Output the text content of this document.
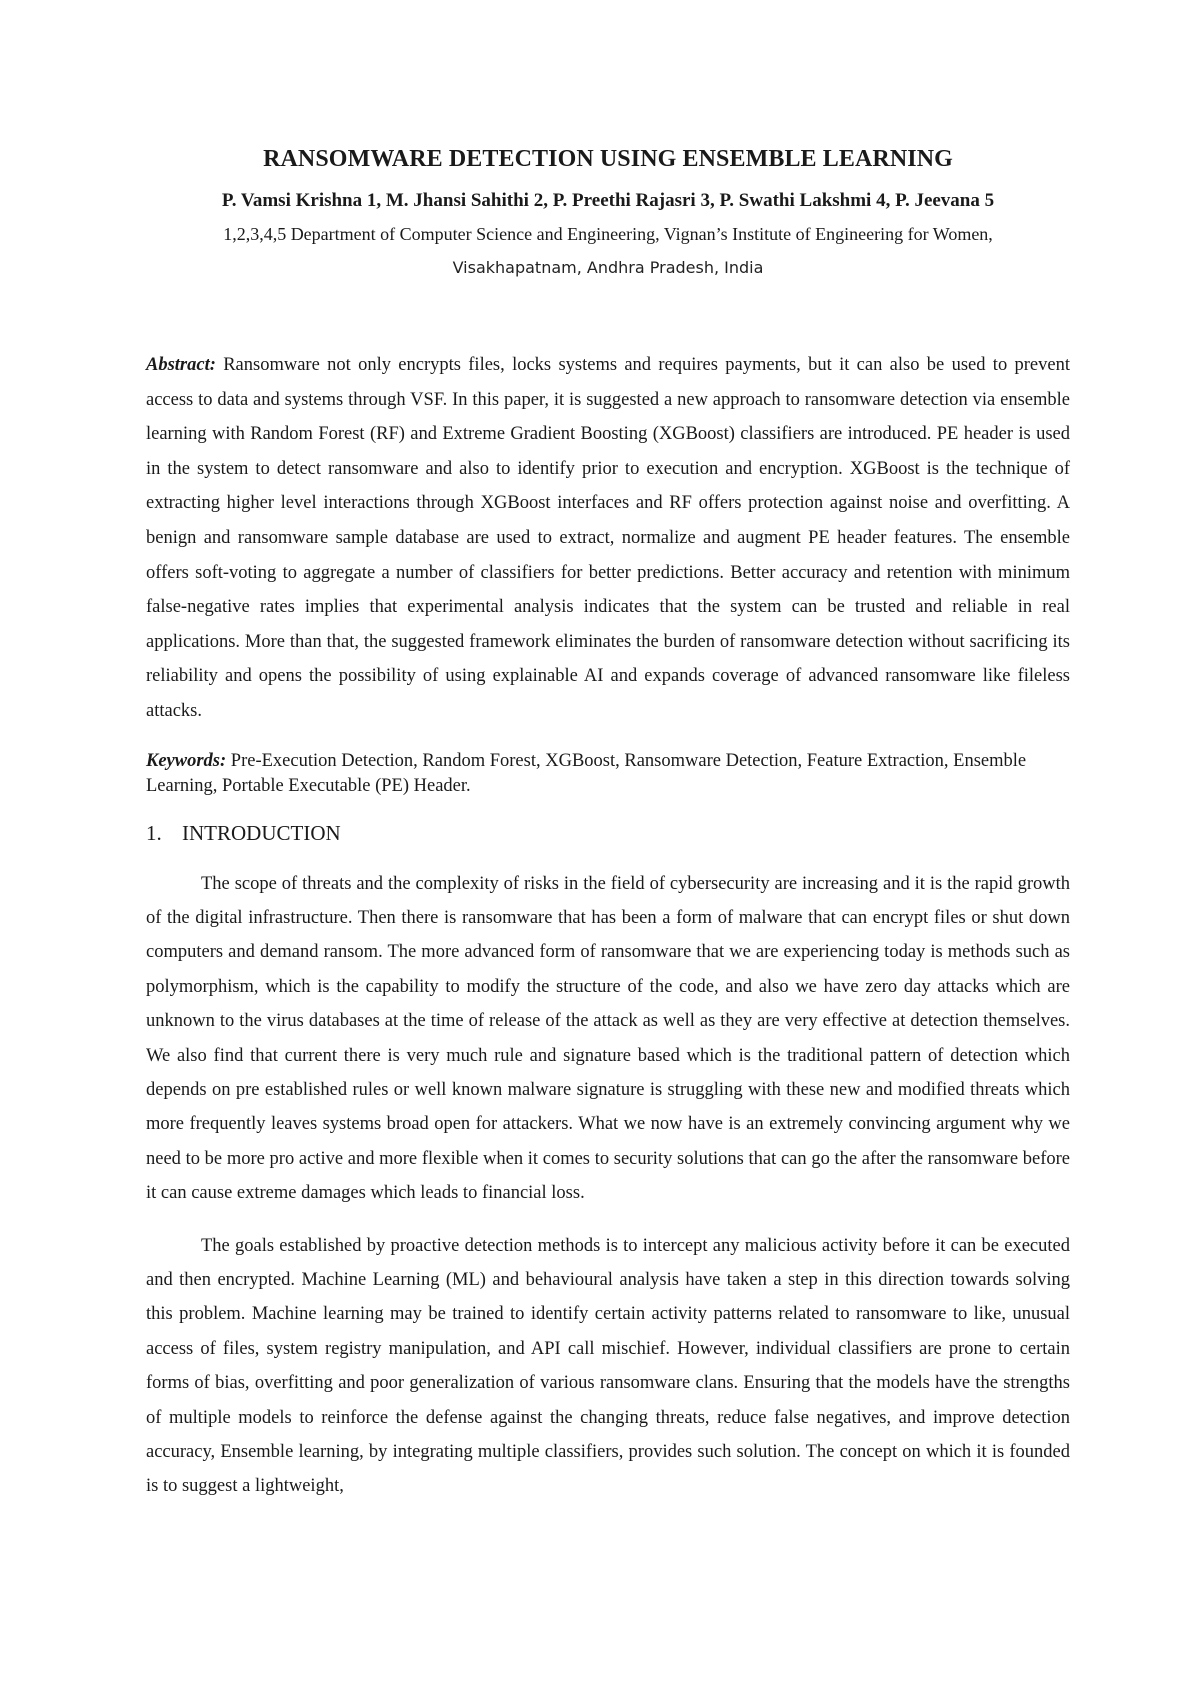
RANSOMWARE DETECTION USING ENSEMBLE LEARNING
P. Vamsi Krishna 1, M. Jhansi Sahithi 2, P. Preethi Rajasri 3, P. Swathi Lakshmi 4, P. Jeevana 5
1,2,3,4,5 Department of Computer Science and Engineering, Vignan’s Institute of Engineering for Women,
Visakhapatnam, Andhra Pradesh, India

Abstract: Ransomware not only encrypts files, locks systems and requires payments, but it can also be used to prevent access to data and systems through VSF. In this paper, it is suggested a new approach to ransomware detection via ensemble learning with Random Forest (RF) and Extreme Gradient Boosting (XGBoost) classifiers are introduced. PE header is used in the system to detect ransomware and also to identify prior to execution and encryption. XGBoost is the technique of extracting higher level interactions through XGBoost interfaces and RF offers protection against noise and overfitting. A benign and ransomware sample database are used to extract, normalize and augment PE header features. The ensemble offers soft-voting to aggregate a number of classifiers for better predictions. Better accuracy and retention with minimum false-negative rates implies that experimental analysis indicates that the system can be trusted and reliable in real applications. More than that, the suggested framework eliminates the burden of ransomware detection without sacrificing its reliability and opens the possibility of using explainable AI and expands coverage of advanced ransomware like fileless attacks.

Keywords: Pre-Execution Detection, Random Forest, XGBoost, Ransomware Detection, Feature Extraction, Ensemble Learning, Portable Executable (PE) Header.

1. INTRODUCTION

The scope of threats and the complexity of risks in the field of cybersecurity are increasing and it is the rapid growth of the digital infrastructure. Then there is ransomware that has been a form of malware that can encrypt files or shut down computers and demand ransom. The more advanced form of ransomware that we are experiencing today is methods such as polymorphism, which is the capability to modify the structure of the code, and also we have zero day attacks which are unknown to the virus databases at the time of release of the attack as well as they are very effective at detection themselves. We also find that current there is very much rule and signature based which is the traditional pattern of detection which depends on pre established rules or well known malware signature is struggling with these new and modified threats which more frequently leaves systems broad open for attackers. What we now have is an extremely convincing argument why we need to be more pro active and more flexible when it comes to security solutions that can go the after the ransomware before it can cause extreme damages which leads to financial loss.

The goals established by proactive detection methods is to intercept any malicious activity before it can be executed and then encrypted. Machine Learning (ML) and behavioural analysis have taken a step in this direction towards solving this problem. Machine learning may be trained to identify certain activity patterns related to ransomware to like, unusual access of files, system registry manipulation, and API call mischief. However, individual classifiers are prone to certain forms of bias, overfitting and poor generalization of various ransomware clans. Ensuring that the models have the strengths of multiple models to reinforce the defense against the changing threats, reduce false negatives, and improve detection accuracy, Ensemble learning, by integrating multiple classifiers, provides such solution. The concept on which it is founded is to suggest a lightweight,
